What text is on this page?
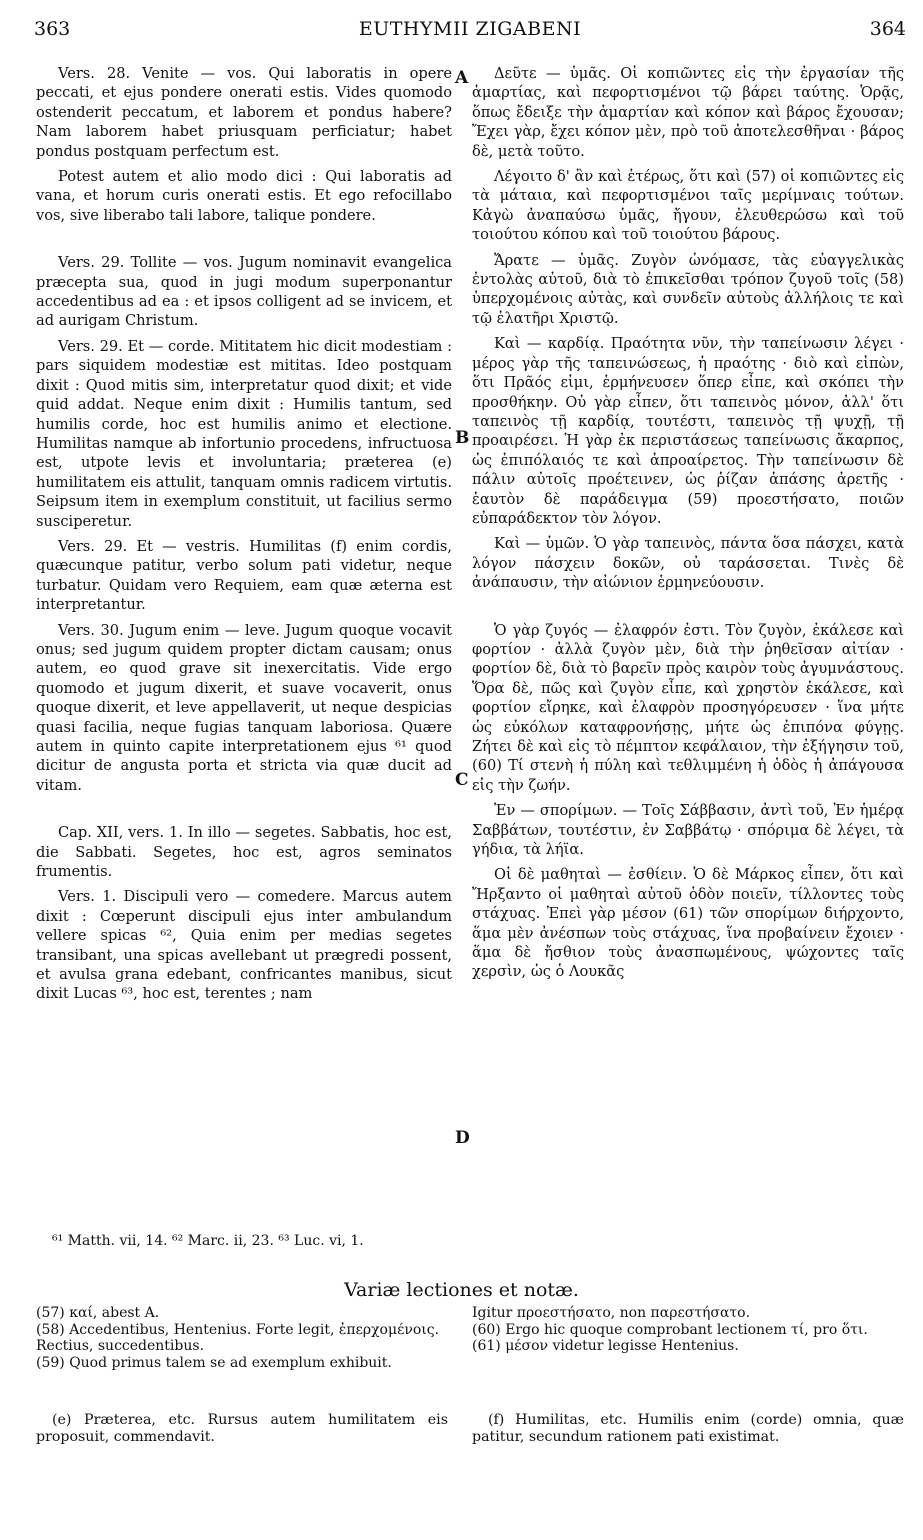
363	EUTHYMII ZIGABENI	364

Vers. 28. Venite — vos. Qui laboratis in opere peccati, et ejus pondere onerati estis. Vides quomodo ostenderit peccatum, et laborem et pondus habere? Nam laborem habet priusquam perficiatur; habet pondus postquam perfectum est.

Potest autem et alio modo dici : Qui laboratis ad vana, et horum curis onerati estis. Et ego refocillabo vos, sive liberabo tali labore, talique pondere.

Vers. 29. Tollite — vos. Jugum nominavit evangelica præcepta sua, quod in jugi modum superponantur accedentibus ad ea : et ipsos colligent ad se invicem, et ad aurigam Christum.

Vers. 29. Et — corde. Mititatem hic dicit modestiam : pars siquidem modestiæ est mititas. Ideo postquam dixit : Quod mitis sim, interpretatur quod dixit; et vide quid addat. Neque enim dixit : Humilis tantum, sed humilis corde, hoc est humilis animo et electione. Humilitas namque ab infortunio procedens, infructuosa est, utpote levis et involuntaria; præterea (e) humilitatem eis attulit, tanquam omnis radicem virtutis. Seipsum item in exemplum constituit, ut facilius sermo susciperetur.

Vers. 29. Et — vestris. Humilitas (f) enim cordis, quæcunque patitur, verbo solum pati videtur, neque turbatur. Quidam vero Requiem, eam quæ æterna est interpretantur.

Vers. 30. Jugum enim — leve. Jugum quoque vocavit onus; sed jugum quidem propter dictam causam; onus autem, eo quod grave sit inexercitatis. Vide ergo quomodo et jugum dixerit, et suave vocaverit, onus quoque dixerit, et leve appellaverit, ut neque despicias quasi facilia, neque fugias tanquam laboriosa. Quære autem in quinto capite interpretationem ejus ⁶¹ quod dicitur de angusta porta et stricta via quæ ducit ad vitam.

Cap. XII, vers. 1. In illo — segetes. Sabbatis, hoc est, die Sabbati. Segetes, hoc est, agros seminatos frumentis.

Vers. 1. Discipuli vero — comedere. Marcus autem dixit : Cœperunt discipuli ejus inter ambulandum vellere spicas ⁶², Quia enim per medias segetes transibant, una spicas avellebant ut prægredi possent, et avulsa grana edebant, confricantes manibus, sicut dixit Lucas ⁶³, hoc est, terentes ; nam

Δεῦτε — ὑμᾶς. Οἱ κοπιῶντες εἰς τὴν ἐργασίαν τῆς ἁμαρτίας, καὶ πεφορτισμένοι τῷ βάρει ταύτης. Ὁρᾷς, ὅπως ἔδειξε τὴν ἁμαρτίαν καὶ κόπον καὶ βάρος ἔχουσαν; Ἔχει γὰρ, ἔχει κόπον μὲν, πρὸ τοῦ ἀποτελεσθῆναι · βάρος δὲ, μετὰ τοῦτο.

Λέγοιτο δ' ἂν καὶ ἑτέρως, ὅτι καὶ (57) οἱ κοπιῶντες εἰς τὰ μάταια, καὶ πεφορτισμένοι ταῖς μερίμναις τούτων. Κἀγὼ ἀναπαύσω ὑμᾶς, ἤγουν, ἐλευθερώσω καὶ τοῦ τοιούτου κόπου καὶ τοῦ τοιούτου βάρους.

Ἄρατε — ὑμᾶς. Ζυγὸν ὠνόμασε, τὰς εὐαγγελικὰς ἐντολὰς αὐτοῦ, διὰ τὸ ἐπικεῖσθαι τρόπον ζυγοῦ τοῖς (58) ὑπερχομένοις αὐτὰς, καὶ συνδεῖν αὐτοὺς ἀλλήλοις τε καὶ τῷ ἐλατῆρι Χριστῷ.

Καὶ — καρδίᾳ. Πραότητα νῦν, τὴν ταπείνωσιν λέγει · μέρος γὰρ τῆς ταπεινώσεως, ἡ πραότης · διὸ καὶ εἰπὼν, ὅτι Πρᾶός εἰμι, ἑρμήνευσεν ὅπερ εἶπε, καὶ σκόπει τὴν προσθήκην. Οὐ γὰρ εἶπεν, ὅτι ταπεινὸς μόνον, ἀλλ' ὅτι ταπεινὸς τῇ καρδίᾳ, τουτέστι, ταπεινὸς τῇ ψυχῇ, τῇ προαιρέσει. Ἡ γὰρ ἐκ περιστάσεως ταπείνωσις ἄκαρπος, ὡς ἐπιπόλαιός τε καὶ ἀπροαίρετος. Τὴν ταπείνωσιν δὲ πάλιν αὐτοῖς προέτεινεν, ὡς ῥίζαν ἁπάσης ἀρετῆς · ἑαυτὸν δὲ παράδειγμα (59) προεστήσατο, ποιῶν εὐπαράδεκτον τὸν λόγον.

Καὶ — ὑμῶν. Ὁ γὰρ ταπεινὸς, πάντα ὅσα πάσχει, κατὰ λόγον πάσχειν δοκῶν, οὐ ταράσσεται. Τινὲς δὲ ἀνάπαυσιν, τὴν αἰώνιον ἑρμηνεύουσιν.

Ὁ γὰρ ζυγός — ἐλαφρόν ἐστι. Τὸν ζυγὸν, ἐκάλεσε καὶ φορτίον · ἀλλὰ ζυγὸν μὲν, διὰ τὴν ῥηθεῖσαν αἰτίαν · φορτίον δὲ, διὰ τὸ βαρεῖν πρὸς καιρὸν τοὺς ἀγυμνάστους. Ὅρα δὲ, πῶς καὶ ζυγὸν εἶπε, καὶ χρηστὸν ἐκάλεσε, καὶ φορτίον εἴρηκε, καὶ ἐλαφρὸν προσηγόρευσεν · ἵνα μήτε ὡς εὐκόλων καταφρονήσῃς, μήτε ὡς ἐπιπόνα φύγῃς. Ζήτει δὲ καὶ εἰς τὸ πέμπτον κεφάλαιον, τὴν ἐξήγησιν τοῦ, (60) Τί στενὴ ἡ πύλη καὶ τεθλιμμένη ἡ ὁδὸς ἡ ἀπάγουσα εἰς τὴν ζωήν.

Ἐν — σπορίμων. — Τοῖς Σάββασιν, ἀντὶ τοῦ, Ἐν ἡμέρᾳ Σαββάτων, τουτέστιν, ἐν Σαββάτῳ · σπόριμα δὲ λέγει, τὰ γήδια, τὰ λήϊα.

Οἱ δὲ μαθηταὶ — ἐσθίειν. Ὁ δὲ Μάρκος εἶπεν, ὅτι καὶ Ἤρξαντο οἱ μαθηταὶ αὐτοῦ ὁδὸν ποιεῖν, τίλλοντες τοὺς στάχυας. Ἐπεὶ γὰρ μέσον (61) τῶν σπορίμων διήρχοντο, ἅμα μὲν ἀνέσπων τοὺς στάχυας, ἵνα προβαίνειν ἔχοιεν · ἅμα δὲ ἤσθιον τοὺς ἀνασπωμένους, ψώχοντες ταῖς χερσὶν, ὡς ὁ Λουκᾶς

A
B
C
D
⁶¹ Matth. vii, 14. ⁶² Marc. ii, 23. ⁶³ Luc. vi, 1.
Variæ lectiones et notæ.

(57) καί, abest A.

(58) Accedentibus, Hentenius. Forte legit, ἐπερχομένοις. Rectius, succedentibus.

(59) Quod primus talem se ad exemplum exhibuit.

Igitur προεστήσατο, non παρεστήσατο.

(60) Ergo hic quoque comprobant lectionem τί, pro ὅτι.

(61) μέσον videtur legisse Hentenius.

(e) Præterea, etc. Rursus autem humilitatem eis proposuit, commendavit.

(f) Humilitas, etc. Humilis enim (corde) omnia, quæ patitur, secundum rationem pati existimat.
